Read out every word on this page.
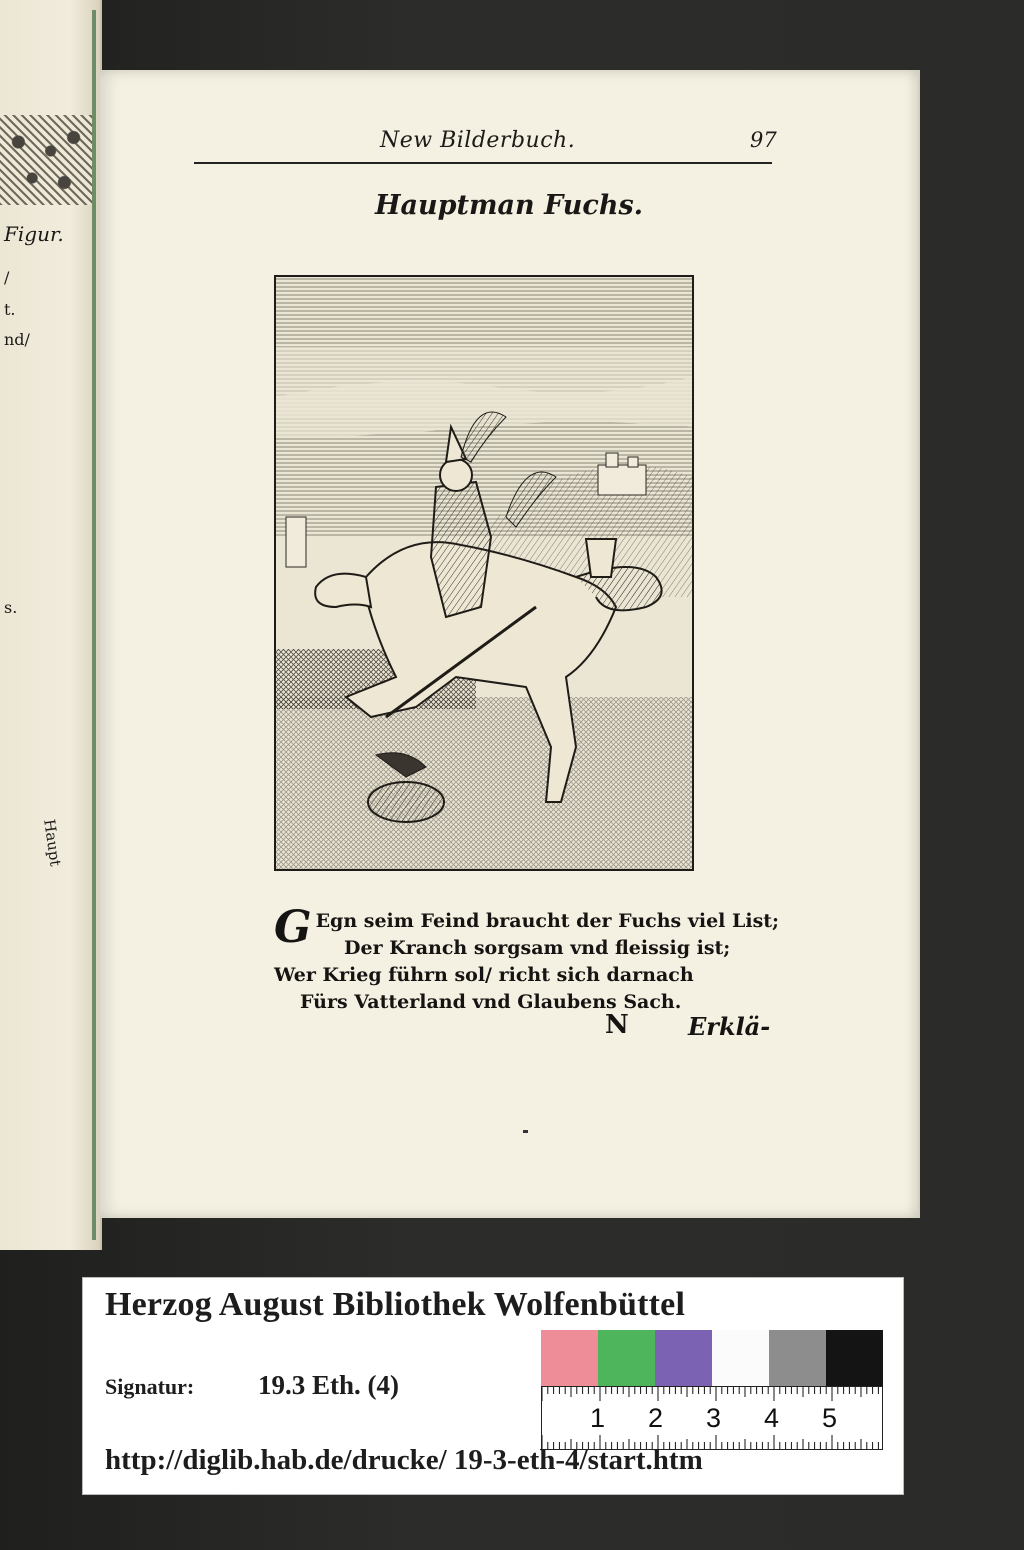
Figur.
/
t.
nd/
s.
Haupt
New Bilderbuch.	97
Hauptman Fuchs.
G Egn seim Feind braucht der Fuchs viel List;
Der Kranch sorgsam vnd fleissig ist;
Wer Krieg führn sol/ richt sich darnach
Fürs Vatterland vnd Glaubens Sach.
N Erklä-
Herzog August Bibliothek Wolfenbüttel
Signatur: 19.3 Eth. (4)
1 2 3 4 5
http://diglib.hab.de/drucke/ 19-3-eth-4/start.htm
